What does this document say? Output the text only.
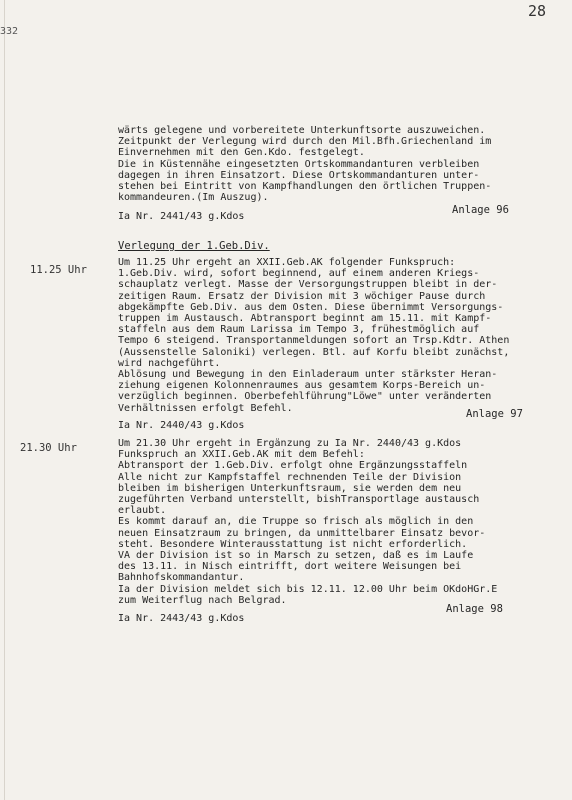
332
28
wärts gelegene und vorbereitete Unterkunftsorte auszuweichen.
Zeitpunkt der Verlegung wird durch den Mil.Bfh.Griechenland im
Einvernehmen mit den Gen.Kdo. festgelegt.
Die in Küstennähe eingesetzten Ortskommandanturen verbleiben
dagegen in ihren Einsatzort. Diese Ortskommandanturen unter-
stehen bei Eintritt von Kampfhandlungen den örtlichen Truppen-
kommandeuren.(Im Auszug).
Ia Nr. 2441/43 g.Kdos
Anlage 96
Verlegung der 1.Geb.Div.
11.25 Uhr
Um 11.25 Uhr ergeht an XXII.Geb.AK folgender Funkspruch:
1.Geb.Div. wird, sofort beginnend, auf einem anderen Kriegs-
schauplatz verlegt. Masse der Versorgungstruppen bleibt in der-
zeitigen Raum. Ersatz der Division mit 3 wöchiger Pause durch
abgekämpfte Geb.Div. aus dem Osten. Diese übernimmt Versorgungs-
truppen im Austausch. Abtransport beginnt am 15.11. mit Kampf-
staffeln aus dem Raum Larissa im Tempo 3, frühestmöglich auf
Tempo 6 steigend. Transportanmeldungen sofort an Trsp.Kdtr. Athen
(Aussenstelle Saloniki) verlegen. Btl. auf Korfu bleibt zunächst,
wird nachgeführt.
Ablösung und Bewegung in den Einladeraum unter stärkster Heran-
ziehung eigenen Kolonnenraumes aus gesamtem Korps-Bereich un-
verzüglich beginnen. Oberbefehlführung"Löwe" unter veränderten
Verhältnissen erfolgt Befehl.
Ia Nr. 2440/43 g.Kdos
Anlage 97
21.30 Uhr	Um 21.30 Uhr ergeht in Ergänzung zu Ia Nr. 2440/43 g.Kdos
Funkspruch an XXII.Geb.AK mit dem Befehl:
Abtransport der 1.Geb.Div. erfolgt ohne Ergänzungsstaffeln
Alle nicht zur Kampfstaffel rechnenden Teile der Division
bleiben im bisherigen Unterkunftsraum, sie werden dem neu
zugeführten Verband unterstellt, bishTransportlage austausch
erlaubt.
Es kommt darauf an, die Truppe so frisch als möglich in den
neuen Einsatzraum zu bringen, da unmittelbarer Einsatz bevor-
steht. Besondere Winterausstattung ist nicht erforderlich.
VA der Division ist so in Marsch zu setzen, daß es im Laufe
des 13.11. in Nisch eintrifft, dort weitere Weisungen bei
Bahnhofskommandantur.
Ia der Division meldet sich bis 12.11. 12.00 Uhr beim OKdoHGr.E
zum Weiterflug nach Belgrad.
Ia Nr. 2443/43 g.Kdos
Anlage 98
